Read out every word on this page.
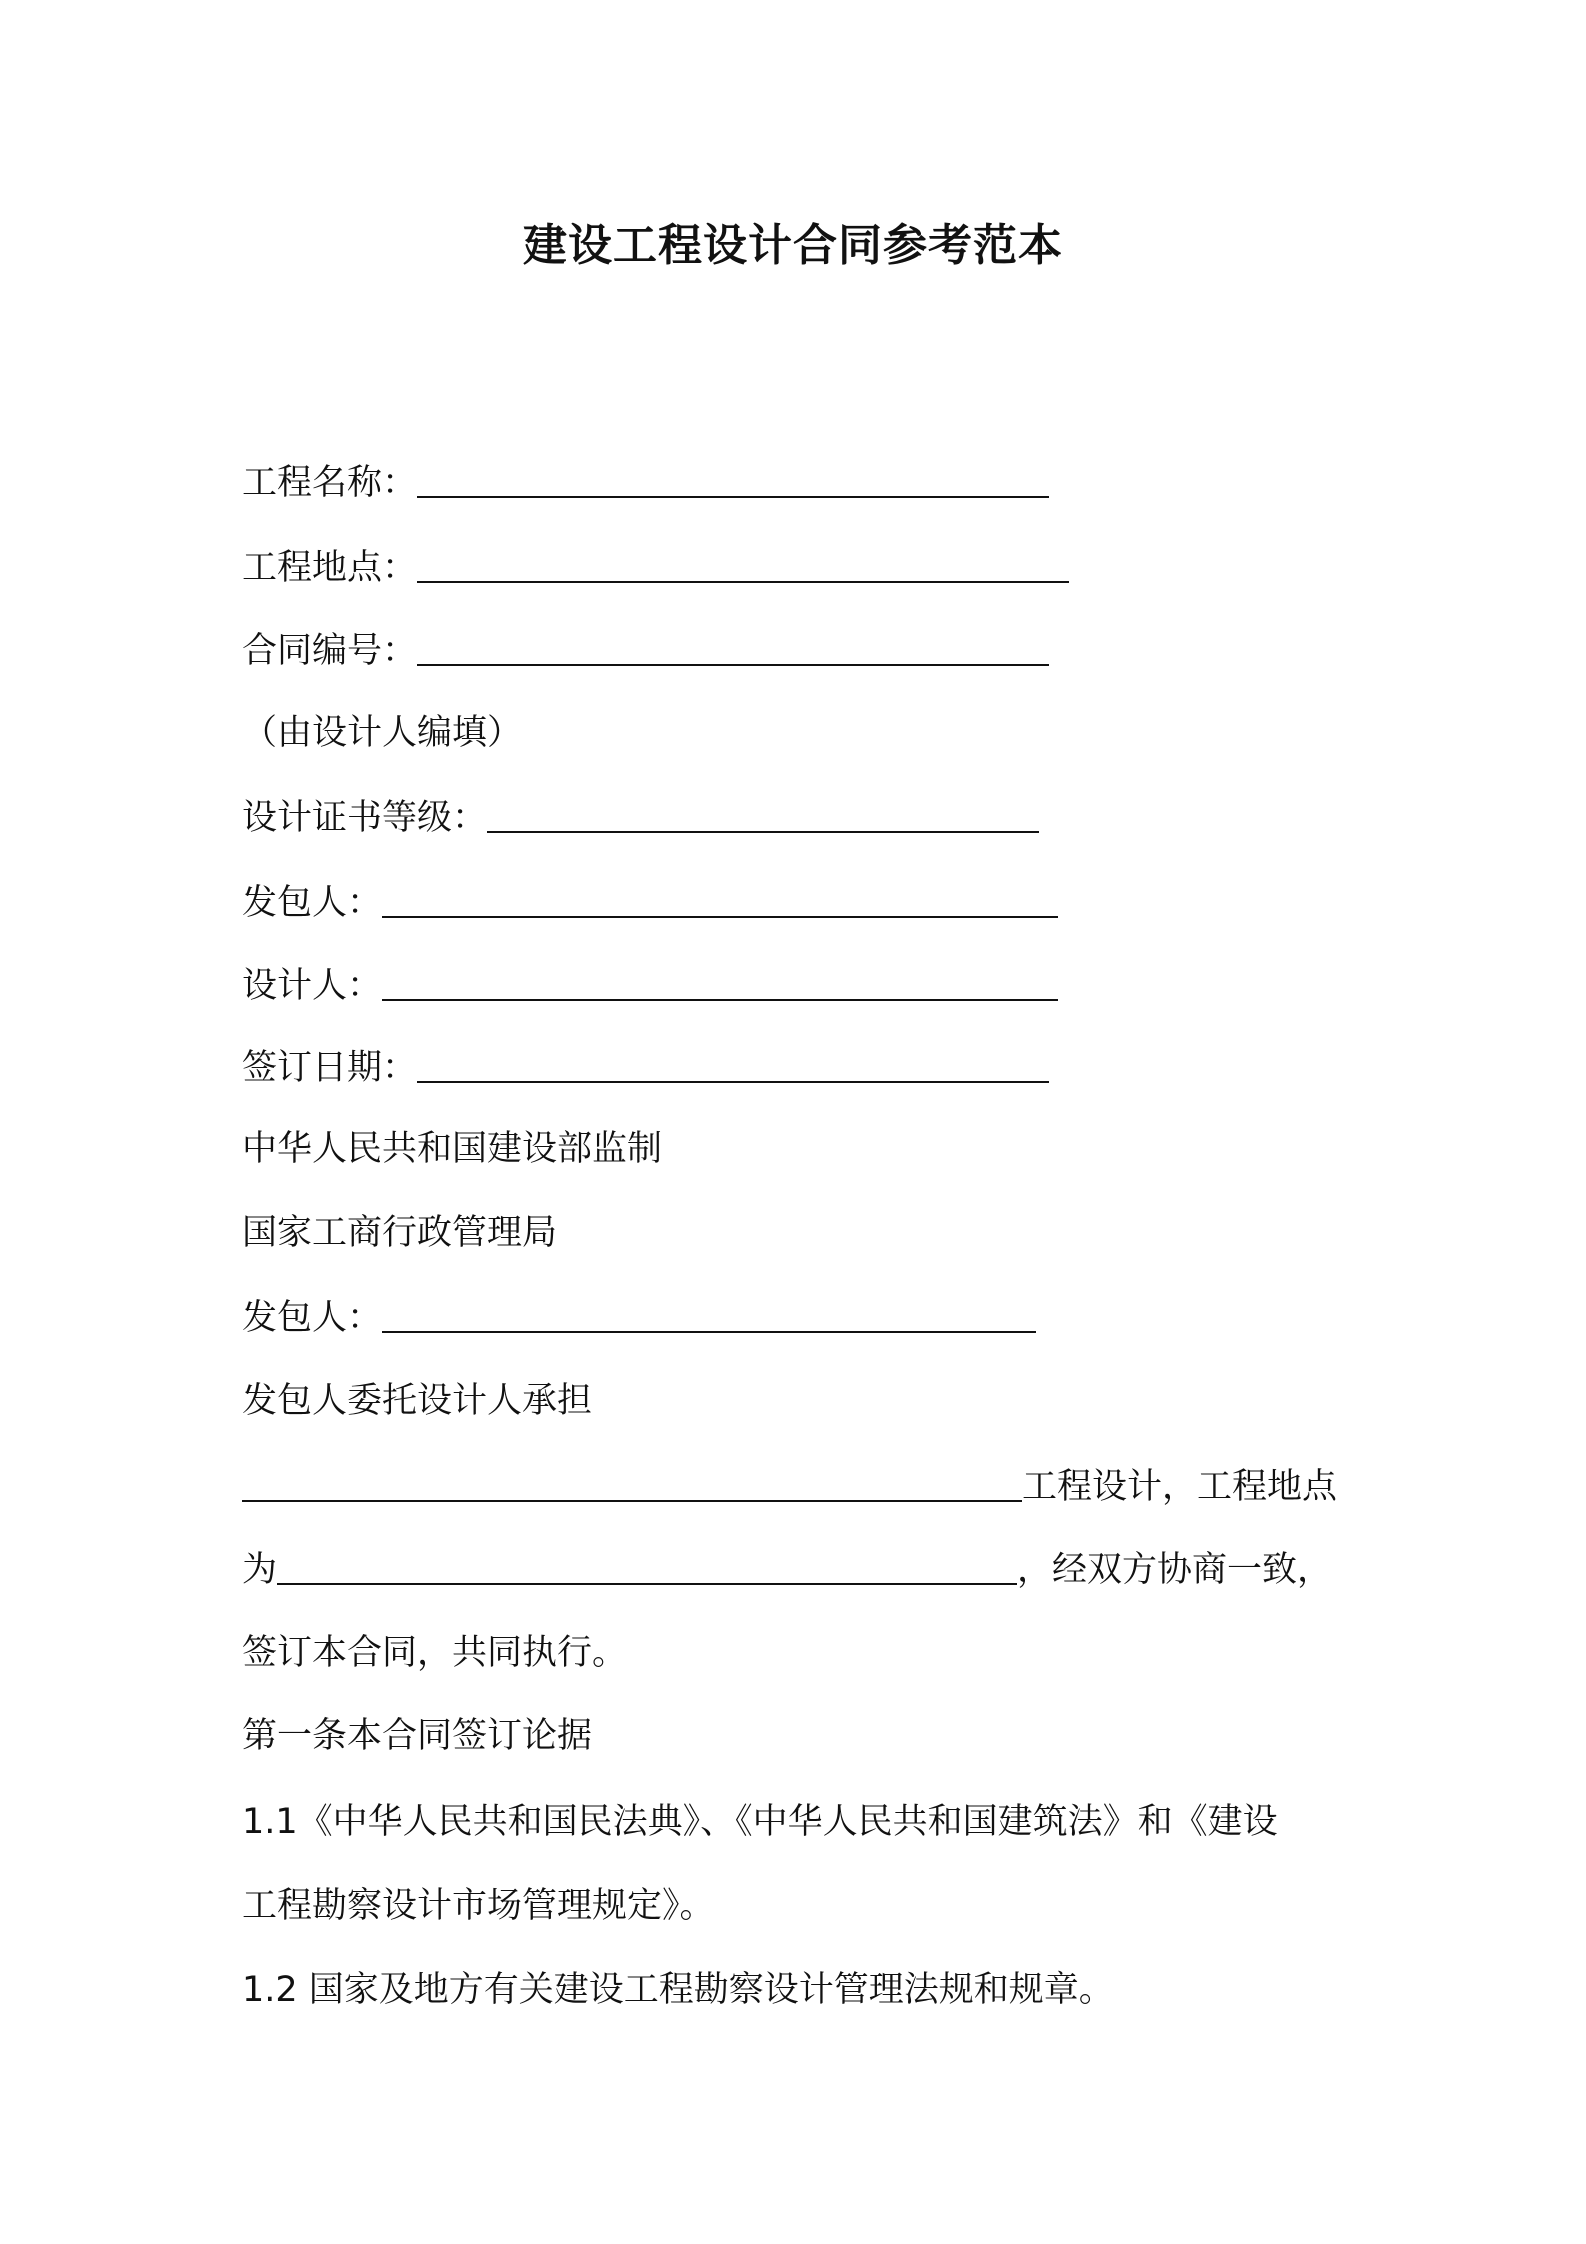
建设工程设计合同参考范本
工程名称：
工程地点：
合同编号：
（由设计人编填）
设计证书等级：
发包人：
设计人：
签订日期：
中华人民共和国建设部监制
国家工商行政管理局
发包人：
发包人委托设计人承担
工程设计，工程地点
为	，经双方协商一致，
签订本合同，共同执行。
第一条本合同签订论据
1.1《中华人民共和国民法典》、《中华人民共和国建筑法》和《建设
工程勘察设计市场管理规定》。
1.2 国家及地方有关建设工程勘察设计管理法规和规章。
